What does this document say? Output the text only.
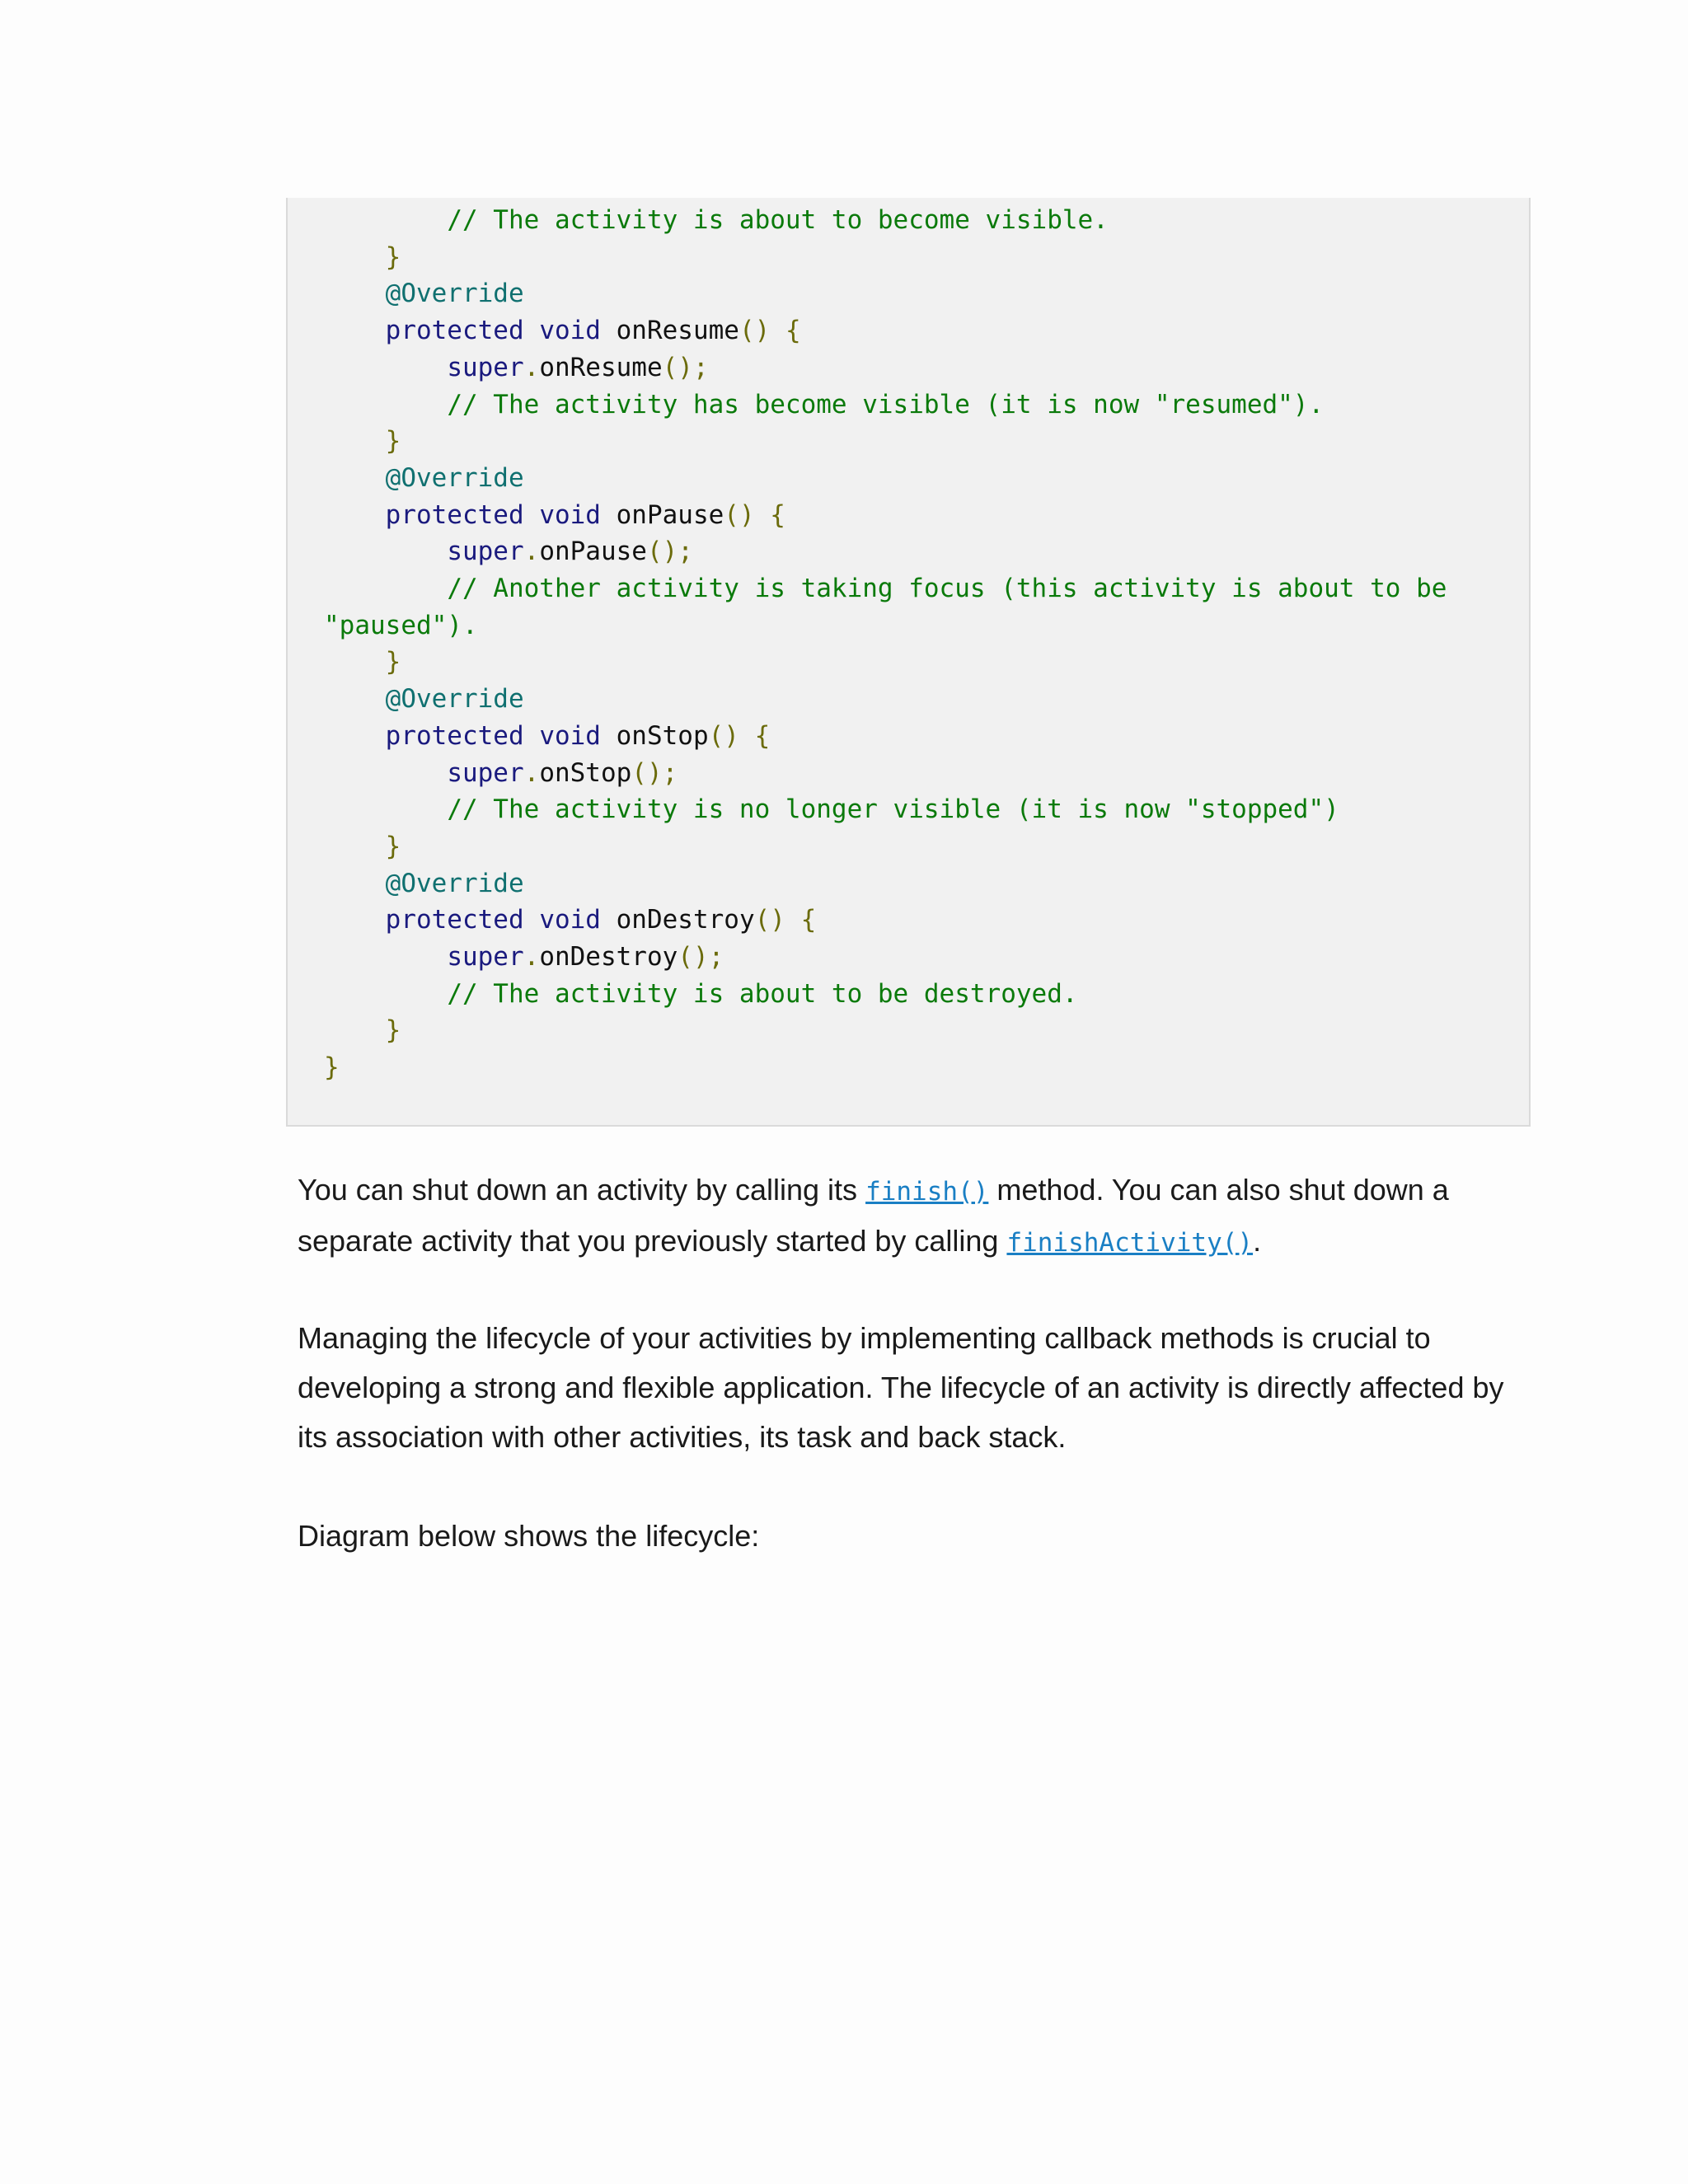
// The activity is about to become visible.
}
@Override
protected void onResume() {
super.onResume();
// The activity has become visible (it is now "resumed").
}
@Override
protected void onPause() {
super.onPause();
// Another activity is taking focus (this activity is about to be
"paused").
}
@Override
protected void onStop() {
super.onStop();
// The activity is no longer visible (it is now "stopped")
}
@Override
protected void onDestroy() {
super.onDestroy();
// The activity is about to be destroyed.
}
}

You can shut down an activity by calling its finish() method. You can also shut down a separate activity that you previously started by calling finishActivity().

Managing the lifecycle of your activities by implementing callback methods is crucial to developing a strong and flexible application. The lifecycle of an activity is directly affected by its association with other activities, its task and back stack.

Diagram below shows the lifecycle:
